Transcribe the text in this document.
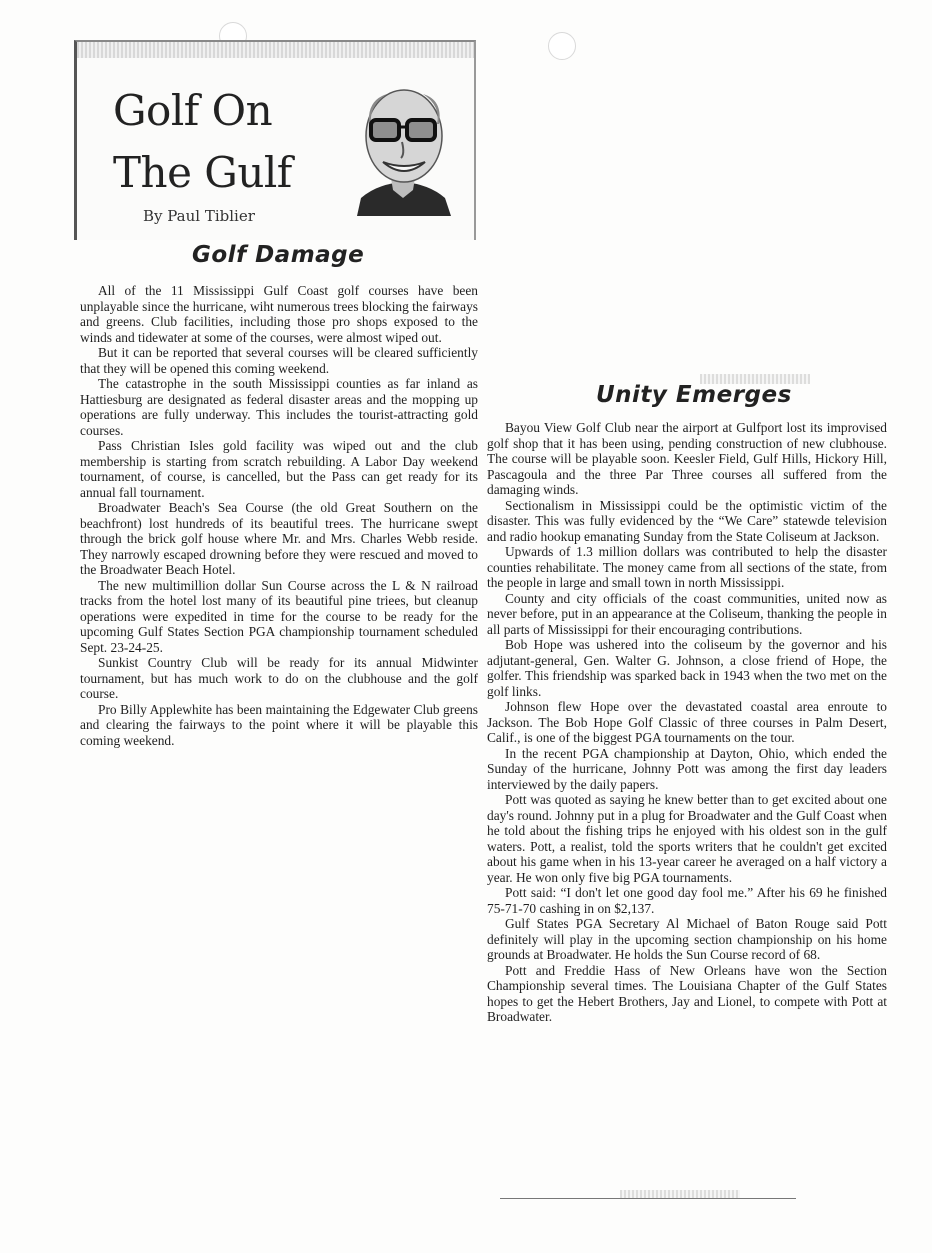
Golf On
The Gulf
By Paul Tiblier
Golf Damage

All of the 11 Mississippi Gulf Coast golf courses have been unplayable since the hurricane, wiht numerous trees blocking the fairways and greens. Club facilities, including those pro shops exposed to the winds and tidewater at some of the courses, were almost wiped out.

But it can be reported that several courses will be cleared sufficiently that they will be opened this coming weekend.

The catastrophe in the south Mississippi counties as far inland as Hattiesburg are designated as federal disaster areas and the mopping up operations are fully underway. This includes the tourist-attracting gold courses.

Pass Christian Isles gold facility was wiped out and the club membership is starting from scratch rebuilding. A Labor Day weekend tournament, of course, is cancelled, but the Pass can get ready for its annual fall tournament.

Broadwater Beach's Sea Course (the old Great Southern on the beachfront) lost hundreds of its beautiful trees. The hurricane swept through the brick golf house where Mr. and Mrs. Charles Webb reside. They narrowly escaped drowning before they were rescued and moved to the Broadwater Beach Hotel.

The new multimillion dollar Sun Course across the L & N railroad tracks from the hotel lost many of its beautiful pine triees, but cleanup operations were expedited in time for the course to be ready for the upcoming Gulf States Section PGA championship tournament scheduled Sept. 23-24-25.

Sunkist Country Club will be ready for its annual Midwinter tournament, but has much work to do on the clubhouse and the golf course.

Pro Billy Applewhite has been maintaining the Edgewater Club greens and clearing the fairways to the point where it will be playable this coming weekend.

Unity Emerges

Bayou View Golf Club near the airport at Gulfport lost its improvised golf shop that it has been using, pending construction of new clubhouse. The course will be playable soon. Keesler Field, Gulf Hills, Hickory Hill, Pascagoula and the three Par Three courses all suffered from the damaging winds.

Sectionalism in Mississippi could be the optimistic victim of the disaster. This was fully evidenced by the “We Care” statewde television and radio hookup emanating Sunday from the State Coliseum at Jackson.

Upwards of 1.3 million dollars was contributed to help the disaster counties rehabilitate. The money came from all sections of the state, from the people in large and small town in north Mississippi.

County and city officials of the coast communities, united now as never before, put in an appearance at the Coliseum, thanking the people in all parts of Mississippi for their encouraging contributions.

Bob Hope was ushered into the coliseum by the governor and his adjutant-general, Gen. Walter G. Johnson, a close friend of Hope, the golfer. This friendship was sparked back in 1943 when the two met on the golf links.

Johnson flew Hope over the devastated coastal area enroute to Jackson. The Bob Hope Golf Classic of three courses in Palm Desert, Calif., is one of the biggest PGA tournaments on the tour.

In the recent PGA championship at Dayton, Ohio, which ended the Sunday of the hurricane, Johnny Pott was among the first day leaders interviewed by the daily papers.

Pott was quoted as saying he knew better than to get excited about one day's round. Johnny put in a plug for Broadwater and the Gulf Coast when he told about the fishing trips he enjoyed with his oldest son in the gulf waters. Pott, a realist, told the sports writers that he couldn't get excited about his game when in his 13-year career he averaged on a half victory a year. He won only five big PGA tournaments.

Pott said: “I don't let one good day fool me.” After his 69 he finished 75-71-70 cashing in on $2,137.

Gulf States PGA Secretary Al Michael of Baton Rouge said Pott definitely will play in the upcoming section championship on his home grounds at Broadwater. He holds the Sun Course record of 68.

Pott and Freddie Hass of New Orleans have won the Section Championship several times. The Louisiana Chapter of the Gulf States hopes to get the Hebert Brothers, Jay and Lionel, to compete with Pott at Broadwater.
